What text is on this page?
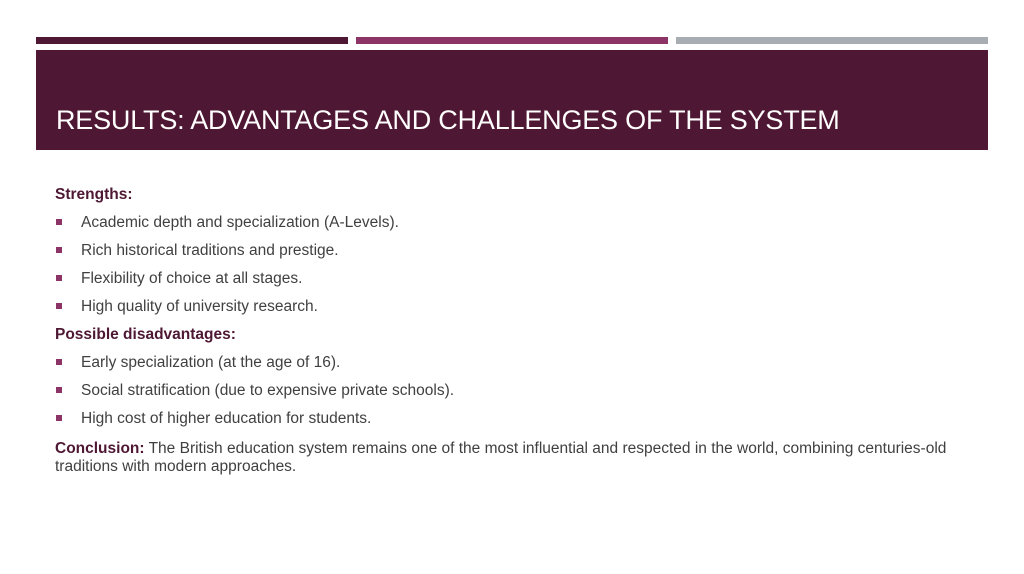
RESULTS: ADVANTAGES AND CHALLENGES OF THE SYSTEM

Strengths:

Academic depth and specialization (A-Levels).
Rich historical traditions and prestige.
Flexibility of choice at all stages.
High quality of university research.

Possible disadvantages:

Early specialization (at the age of 16).
Social stratification (due to expensive private schools).
High cost of higher education for students.

Conclusion: The British education system remains one of the most influential and respected in the world, combining centuries-old traditions with modern approaches.
